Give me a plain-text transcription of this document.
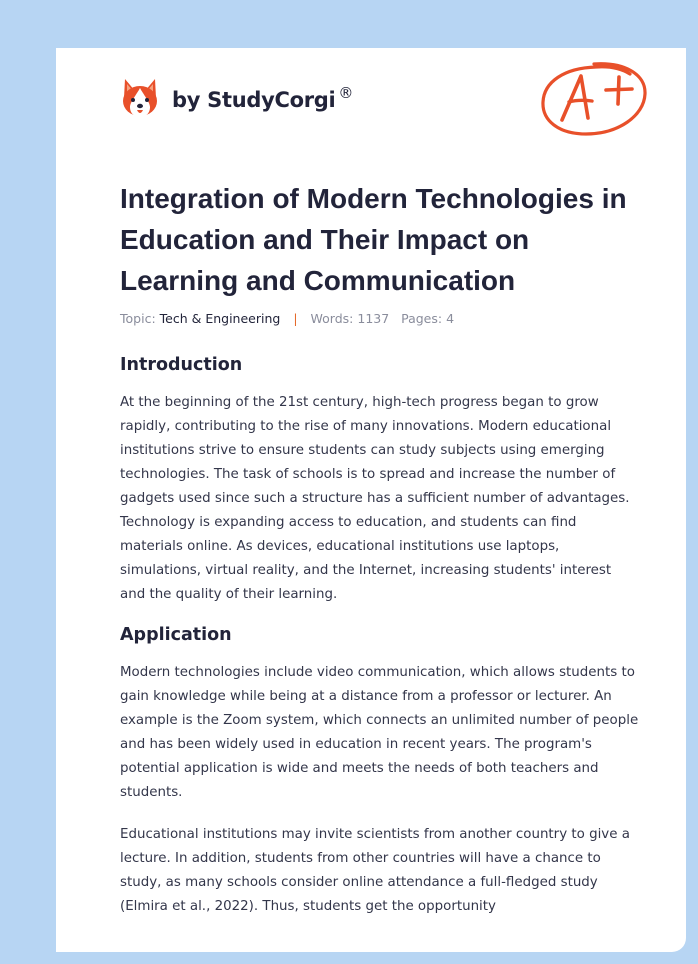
by StudyCorgi ®
Integration of Modern Technologies in Education and Their Impact on Learning and Communication
Topic: Tech & Engineering | Words: 1137 Pages: 4
Introduction

At the beginning of the 21st century, high-tech progress began to grow rapidly, contributing to the rise of many innovations. Modern educational institutions strive to ensure students can study subjects using emerging technologies. The task of schools is to spread and increase the number of gadgets used since such a structure has a sufficient number of advantages. Technology is expanding access to education, and students can find materials online. As devices, educational institutions use laptops, simulations, virtual reality, and the Internet, increasing students' interest and the quality of their learning.

Application

Modern technologies include video communication, which allows students to gain knowledge while being at a distance from a professor or lecturer. An example is the Zoom system, which connects an unlimited number of people and has been widely used in education in recent years. The program's potential application is wide and meets the needs of both teachers and students.

Educational institutions may invite scientists from another country to give a lecture. In addition, students from other countries will have a chance to study, as many schools consider online attendance a full-fledged study (Elmira et al., 2022). Thus, students get the opportunity
